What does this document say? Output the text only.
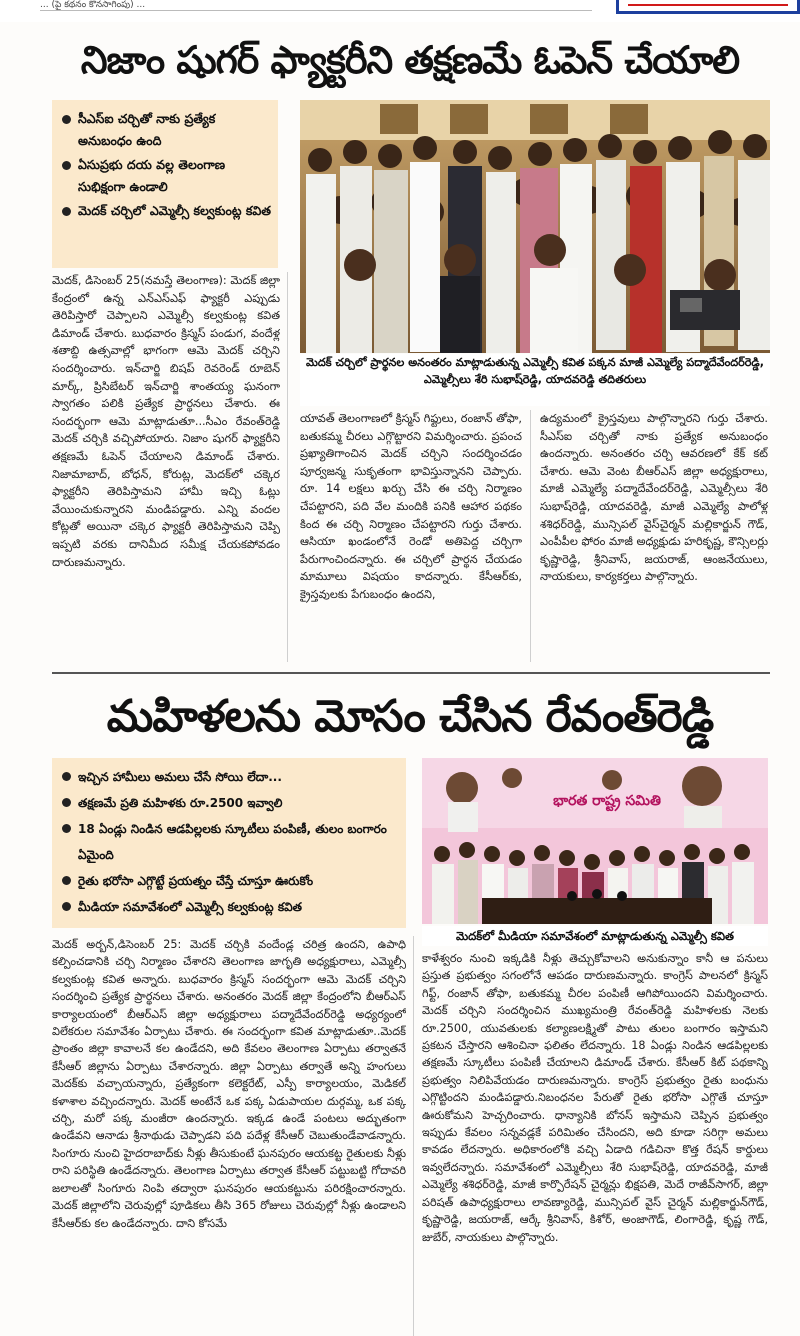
... (పై కథనం కొనసాగింపు) ...
నిజాం షుగర్ ఫ్యాక్టరీని తక్షణమే ఓపెన్ చేయాలి
సీఎస్ఐ చర్చితో నాకు ప్రత్యేక అనుబంధం ఉంది
ఏసుప్రభు దయ వల్ల తెలంగాణ సుభిక్షంగా ఉండాలి
మెదక్ చర్చిలో ఎమ్మెల్సీ కల్వకుంట్ల కవిత
మెదక్ చర్చిలో ప్రార్థనల అనంతరం మాట్లాడుతున్న ఎమ్మెల్సీ కవిత పక్కన మాజీ ఎమ్మెల్యే పద్మాదేవేందర్‌రెడ్డి, ఎమ్మెల్సీలు శేరి సుభాష్‌రెడ్డి, యాదవరెడ్డి తదితరులు

మెదక్, డిసెంబర్ 25(నమస్తే తెలంగాణ): మెదక్ జిల్లా కేంద్రంలో ఉన్న ఎన్ఎస్ఎఫ్ ఫ్యాక్టరీ ఎప్పుడు తెరిపిస్తారో చెప్పాలని ఎమ్మెల్సీ కల్వకుంట్ల కవిత డిమాండ్ చేశారు. బుధవారం క్రిస్మస్ పండుగ, వందేళ్ల శతాబ్ది ఉత్సవాల్లో భాగంగా ఆమె మెదక్ చర్చిని సందర్శించారు. ఇన్‌చార్జి బిషప్ రెవరెండ్ రూబెన్ మార్క్, ప్రిసిబేటర్ ఇన్‌చార్జి శాంతయ్య ఘనంగా స్వాగతం పలికి ప్రత్యేక ప్రార్థనలు చేశారు. ఈ సందర్భంగా ఆమె మాట్లాడుతూ...సీఎం రేవంత్‌రెడ్డి మెదక్ చర్చికి వచ్చిపోయారు. నిజాం షుగర్ ఫ్యాక్టరీని తక్షణమే ఓపెన్ చేయాలని డిమాండ్ చేశారు. నిజామాబాద్, బోధన్, కోరుట్ల, మెదక్‌లో చక్కెర ఫ్యాక్టరీని తెరిపిస్తామని హామీ ఇచ్చి ఓట్లు వేయించుకున్నారని మండిపడ్డారు. ఎన్ని వందల కోట్లతో అయినా చక్కెర ఫ్యాక్టరీ తెరిపిస్తామని చెప్పి ఇప్పటి వరకు దానిమీద సమీక్ష చేయకపోవడం దారుణమన్నారు.

యావత్ తెలంగాణలో క్రిస్మస్ గిఫ్టులు, రంజాన్ తోఫా, బతుకమ్మ చీరలు ఎగ్గొట్టారని విమర్శించారు. ప్రపంచ ప్రఖ్యాతిగాంచిన మెదక్ చర్చిని సందర్శించడం పూర్వజన్మ సుకృతంగా భావిస్తున్నానని చెప్పారు. రూ. 14 లక్షలు ఖర్చు చేసి ఈ చర్చి నిర్మాణం చేపట్టారని, పది వేల మందికి పనికి ఆహార పథకం కింద ఈ చర్చి నిర్మాణం చేపట్టారని గుర్తు చేశారు. ఆసియా ఖండంలోనే రెండో అతిపెద్ద చర్చిగా పేరుగాంచిందన్నారు. ఈ చర్చిలో ప్రార్థన చేయడం మామూలు విషయం కాదన్నారు. కేసీఆర్‌కు, క్రైస్తవులకు పేగుబంధం ఉందని,

ఉద్యమంలో క్రైస్తవులు పాల్గొన్నారని గుర్తు చేశారు. సీఎస్ఐ చర్చితో నాకు ప్రత్యేక అనుబంధం ఉందన్నారు. అనంతరం చర్చి ఆవరణలో కేక్ కట్ చేశారు. ఆమె వెంట బీఆర్ఎస్ జిల్లా అధ్యక్షురాలు, మాజీ ఎమ్మెల్యే పద్మాదేవేందర్‌రెడ్డి, ఎమ్మెల్సీలు శేరి సుభాష్‌రెడ్డి, యాదవరెడ్డి, మాజీ ఎమ్మెల్యే పాలోళ్ల శశిధర్‌రెడ్డి, మున్సిపల్ వైస్‌చైర్మన్ మల్లికార్జున్ గౌడ్, ఎంపీపీల ఫోరం మాజీ అధ్యక్షుడు హరికృష్ణ, కౌన్సిలర్లు కృష్ణారెడ్డి, శ్రీనివాస్, జయరాజ్, ఆంజనేయులు, నాయకులు, కార్యకర్తలు పాల్గొన్నారు.

మహిళలను మోసం చేసిన రేవంత్‌రెడ్డి
ఇచ్చిన హామీలు అమలు చేసే సోయి లేదా...
తక్షణమే ప్రతి మహిళకు రూ.2500 ఇవ్వాలి
18 ఏండ్లు నిండిన ఆడపిల్లలకు స్కూటీలు పంపిణీ, తులం బంగారం ఏమైంది
రైతు భరోసా ఎగ్గొట్టే ప్రయత్నం చేస్తే చూస్తూ ఊరుకోం
మీడియా సమావేశంలో ఎమ్మెల్సీ కల్వకుంట్ల కవిత
భారత రాష్ట్ర సమితి
మెదక్‌లో మీడియా సమావేశంలో మాట్లాడుతున్న ఎమ్మెల్సీ కవిత

మెదక్ అర్బన్,డిసెంబర్ 25: మెదక్ చర్చికి వందేండ్ల చరిత్ర ఉందని, ఉపాధి కల్పించడానికి చర్చి నిర్మాణం చేశారని తెలంగాణ జాగృతి అధ్యక్షురాలు, ఎమ్మెల్సీ కల్వకుంట్ల కవిత అన్నారు. బుధవారం క్రిస్మస్ సందర్భంగా ఆమె మెదక్ చర్చిని సందర్శించి ప్రత్యేక ప్రార్థనలు చేశారు. అనంతరం మెదక్ జిల్లా కేంద్రంలోని బీఆర్ఎస్ కార్యాలయంలో బీఆర్ఎస్ జిల్లా అధ్యక్షురాలు పద్మాదేవేందర్‌రెడ్డి అధ్యర్యంలో విలేకరుల సమావేశం ఏర్పాటు చేశారు. ఈ సందర్భంగా కవిత మాట్లాడుతూ..మెదక్ ప్రాంతం జిల్లా కావాలనే కల ఉండేదని, అది కేవలం తెలంగాణ ఏర్పాటు తర్వాతనే కేసీఆర్ జిల్లాను ఏర్పాటు చేశారన్నారు. జిల్లా ఏర్పాటు తర్వాతే అన్ని హంగులు మెదక్‌కు వచ్చాయన్నారు, ప్రత్యేకంగా కలెక్టరేట్, ఎస్పీ కార్యాలయం, మెడికల్ కళాశాల వచ్చిందన్నారు. మెదక్ అంటేనే ఒక పక్క ఏడుపాయల దుర్గమ్మ, ఒక పక్క చర్చి, మరో పక్క మంజీరా ఉందన్నారు. ఇక్కడ ఉండే పంటలు అద్భుతంగా ఉండేవని ఆనాడు శ్రీనాథుడు చెప్పాడని పది పదేళ్ల కేసీఆర్ చెబుతుండేవాడన్నారు. సింగూరు నుంచి హైదరాబాద్‌కు నీళ్లు తీసుకుంటే ఘనపురం ఆయకట్ట రైతులకు నీళ్లు రాని పరిస్థితి ఉండేదన్నారు. తెలంగాణ ఏర్పాటు తర్వాత కేసీఆర్ పట్టుబట్టి గోదావరి జలాలతో సింగూరు నింపి తద్వారా ఘనపురం ఆయకట్టును పరిరక్షించారన్నారు. మెదక్ జిల్లాలోని చెరువుల్లో పూడికలు తీసి 365 రోజులు చెరువుల్లో నీళ్లు ఉండాలని కేసీఆర్‌కు కల ఉండేదన్నారు. దాని కోసమే

కాళేశ్వరం నుంచి ఇక్కడికి నీళ్లు తెచ్చుకోవాలని అనుకున్నాం కానీ ఆ పనులు ప్రస్తుత ప్రభుత్వం సగంలోనే ఆపడం దారుణమన్నారు. కాంగ్రెస్ పాలనలో క్రిస్మస్ గిఫ్ట్, రంజాన్ తోఫా, బతుకమ్మ చీరల పంపిణీ ఆగిపోయిందని విమర్శించారు. మెదక్ చర్చిని సందర్శించిన ముఖ్యమంత్రి రేవంత్‌రెడ్డి మహిళలకు నెలకు రూ.2500, యువతులకు కల్యాణలక్ష్మితో పాటు తులం బంగారం ఇస్తామని ప్రకటన చేస్తారని ఆశించినా ఫలితం లేదన్నారు. 18 ఏండ్లు నిండిన ఆడపిల్లలకు తక్షణమే స్కూటీలు పంపిణీ చేయాలని డిమాండ్ చేశారు. కేసీఆర్ కిట్ పథకాన్ని ప్రభుత్వం నిలిపివేయడం దారుణమన్నారు. కాంగ్రెస్ ప్రభుత్వం రైతు బంధును ఎగ్గొట్టిందని మండిపడ్డారు.నిబంధనల పేరుతో రైతు భరోసా ఎగ్గొతే చూస్తూ ఊరుకోమని హెచ్చరించారు. ధాన్యానికి బోనస్ ఇస్తామని చెప్పిన ప్రభుత్వం ఇప్పుడు కేవలం సన్నవడ్లకే పరిమితం చేసిందని, అది కూడా సరిగ్గా అమలు కావడం లేదన్నారు. అధికారంలోకి వచ్చి ఏడాది గడిచినా కొత్త రేషన్ కార్డులు ఇవ్వలేదన్నారు. సమావేశంలో ఎమ్మెల్సీలు శేరి సుభాష్‌రెడ్డి, యాదవరెడ్డి, మాజీ ఎమ్మెల్యే శశిధర్‌రెడ్డి, మాజీ కార్పొరేషన్ చైర్మన్లు భిక్షపతి, మెదే రాజీవ్‌సాగర్, జిల్లా పరిషత్ ఉపాధ్యక్షురాలు లావణ్యారెడ్డి, మున్సిపల్ వైస్ చైర్మన్ మల్లికార్జున్‌గౌడ్, కృష్ణారెడ్డి, జయరాజ్, ఆర్కే శ్రీనివాస్, కిశోర్, అంజాగౌడ్, లింగారెడ్డి, కృష్ణ గౌడ్, జుబేర్, నాయకులు పాల్గొన్నారు.
